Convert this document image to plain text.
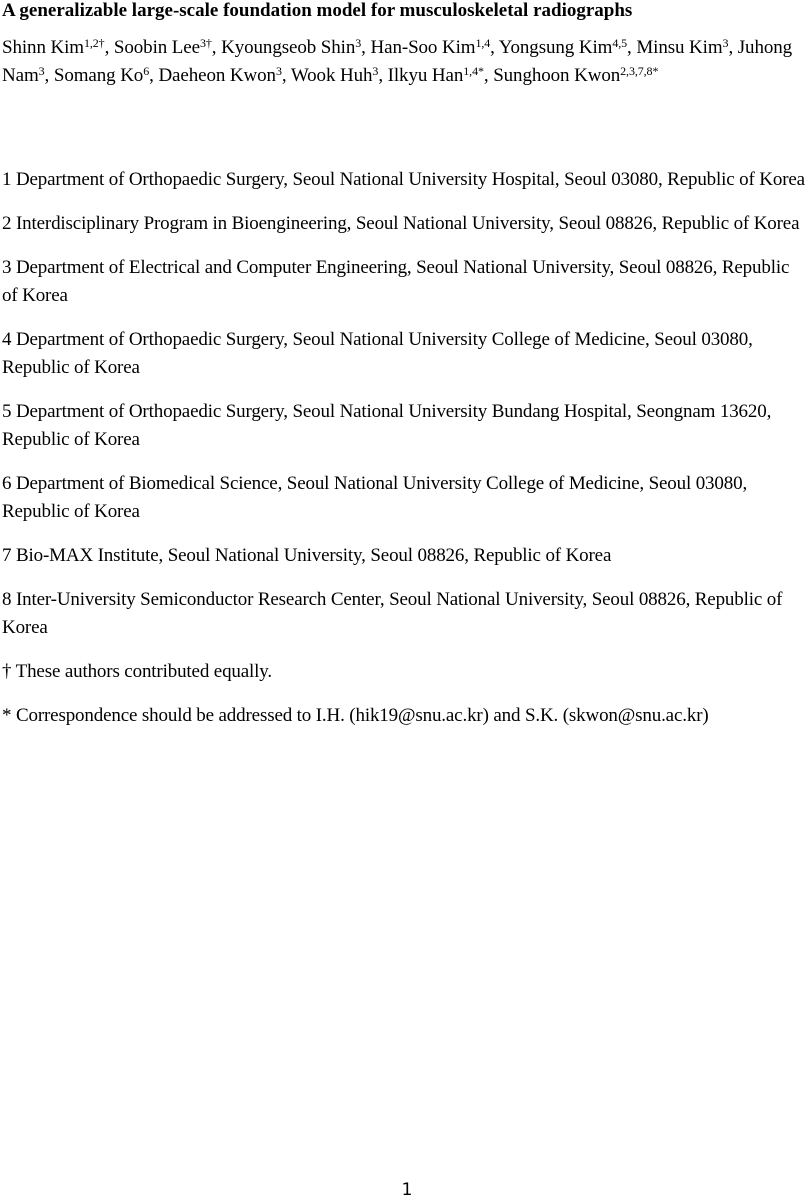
A generalizable large-scale foundation model for musculoskeletal radiographs
Shinn Kim$^{1,2\dagger}$, Soobin Lee$^{3\dagger}$, Kyoungseob Shin$^3$, Han-Soo Kim$^{1,4}$, Yongsung Kim$^{4,5}$, Minsu Kim$^3$, Juhong Nam$^3$, Somang Ko$^6$, Daeheon Kwon$^3$, Wook Huh$^3$, Ilkyu Han$^{1,4*}$, Sunghoon Kwon$^{2,3,7,8*}$

1 Department of Orthopaedic Surgery, Seoul National University Hospital, Seoul 03080, Republic of Korea

2 Interdisciplinary Program in Bioengineering, Seoul National University, Seoul 08826, Republic of Korea

3 Department of Electrical and Computer Engineering, Seoul National University, Seoul 08826, Republic of Korea

4 Department of Orthopaedic Surgery, Seoul National University College of Medicine, Seoul 03080, Republic of Korea

5 Department of Orthopaedic Surgery, Seoul National University Bundang Hospital, Seongnam 13620, Republic of Korea

6 Department of Biomedical Science, Seoul National University College of Medicine, Seoul 03080, Republic of Korea

7 Bio-MAX Institute, Seoul National University, Seoul 08826, Republic of Korea

8 Inter-University Semiconductor Research Center, Seoul National University, Seoul 08826, Republic of Korea

† These authors contributed equally.

* Correspondence should be addressed to I.H. (hik19@snu.ac.kr) and S.K. (skwon@snu.ac.kr)

1
